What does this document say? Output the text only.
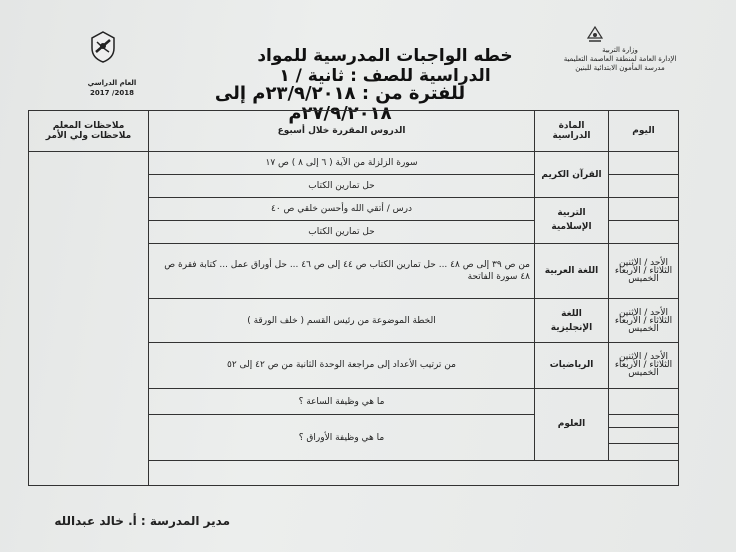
العام الدراسي
2017 /2018
وزارة التربية
الإدارة العامة لمنطقة العاصمة التعليمية
مدرسة المأمون الابتدائية للبنين
خطه الواجبات المدرسية للمواد الدراسية للصف : ثانية / ١
للفترة من : ٢٣/٩/٢٠١٨م إلى ٢٧/٩/٢٠١٨م
اليوم	المادة الدراسية	الدروس المقررة خلال أسبوع	ملاحظات المعلم
ملاحظات ولي الأمر

	القرآن الكريم	سورة الزلزلة من الآية ( ٦ إلى ٨ ) ص ١٧	
		حل تمارين الكتاب	
	التربية الإسلامية	درس / أتقي الله وأحسن خلقي ص ٤٠	
		حل تمارين الكتاب	
الأحد / الاثنين الثلاثاء / الأربعاء الخميس	اللغة العربية	من ص ٣٩ إلى ص ٤٨ ... حل تمارين الكتاب ص ٤٤ إلى ص ٤٦ ... حل أوراق عمل ... كتابة فقرة ص ٤٨ سورة الفاتحة	
الأحد / الاثنين الثلاثاء / الأربعاء الخميس	اللغة الإنجليزية	الخطة الموضوعة من رئيس القسم ( خلف الورقة )	
الأحد / الاثنين الثلاثاء / الأربعاء الخميس	الرياضيات	من ترتيب الأعداد إلى مراجعة الوحدة الثانية من ص ٤٢ إلى ٥٢	
	العلوم	ما هي وظيفة الساعة ؟	
		ما هي وظيفة الأوراق ؟	

مدير المدرسة : أ. خالد عبدالله
